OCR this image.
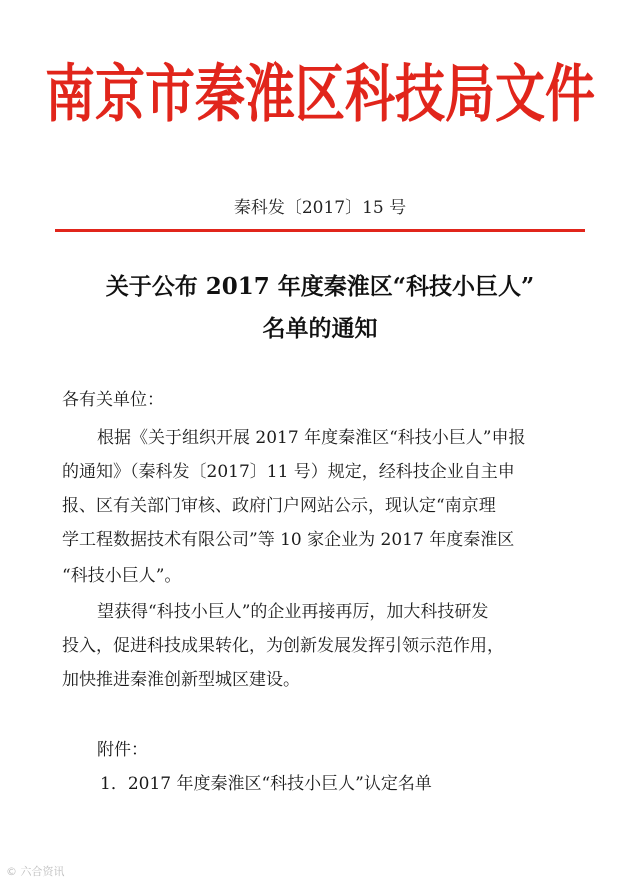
南京市秦淮区科技局文件
秦科发〔2017〕15 号
关于公布 2017 年度秦淮区“科技小巨人”
名单的通知
各有关单位：
根据《关于组织开展 2017 年度秦淮区“科技小巨人”申报
的通知》（秦科发〔2017〕11 号）规定，经科技企业自主申
报、区有关部门审核、政府门户网站公示，现认定“南京理
学工程数据技术有限公司”等 10 家企业为 2017 年度秦淮区
“科技小巨人”。
望获得“科技小巨人”的企业再接再厉，加大科技研发
投入，促进科技成果转化，为创新发展发挥引领示范作用，
加快推进秦淮创新型城区建设。
附件：
1．2017 年度秦淮区“科技小巨人”认定名单
© 六合资讯
